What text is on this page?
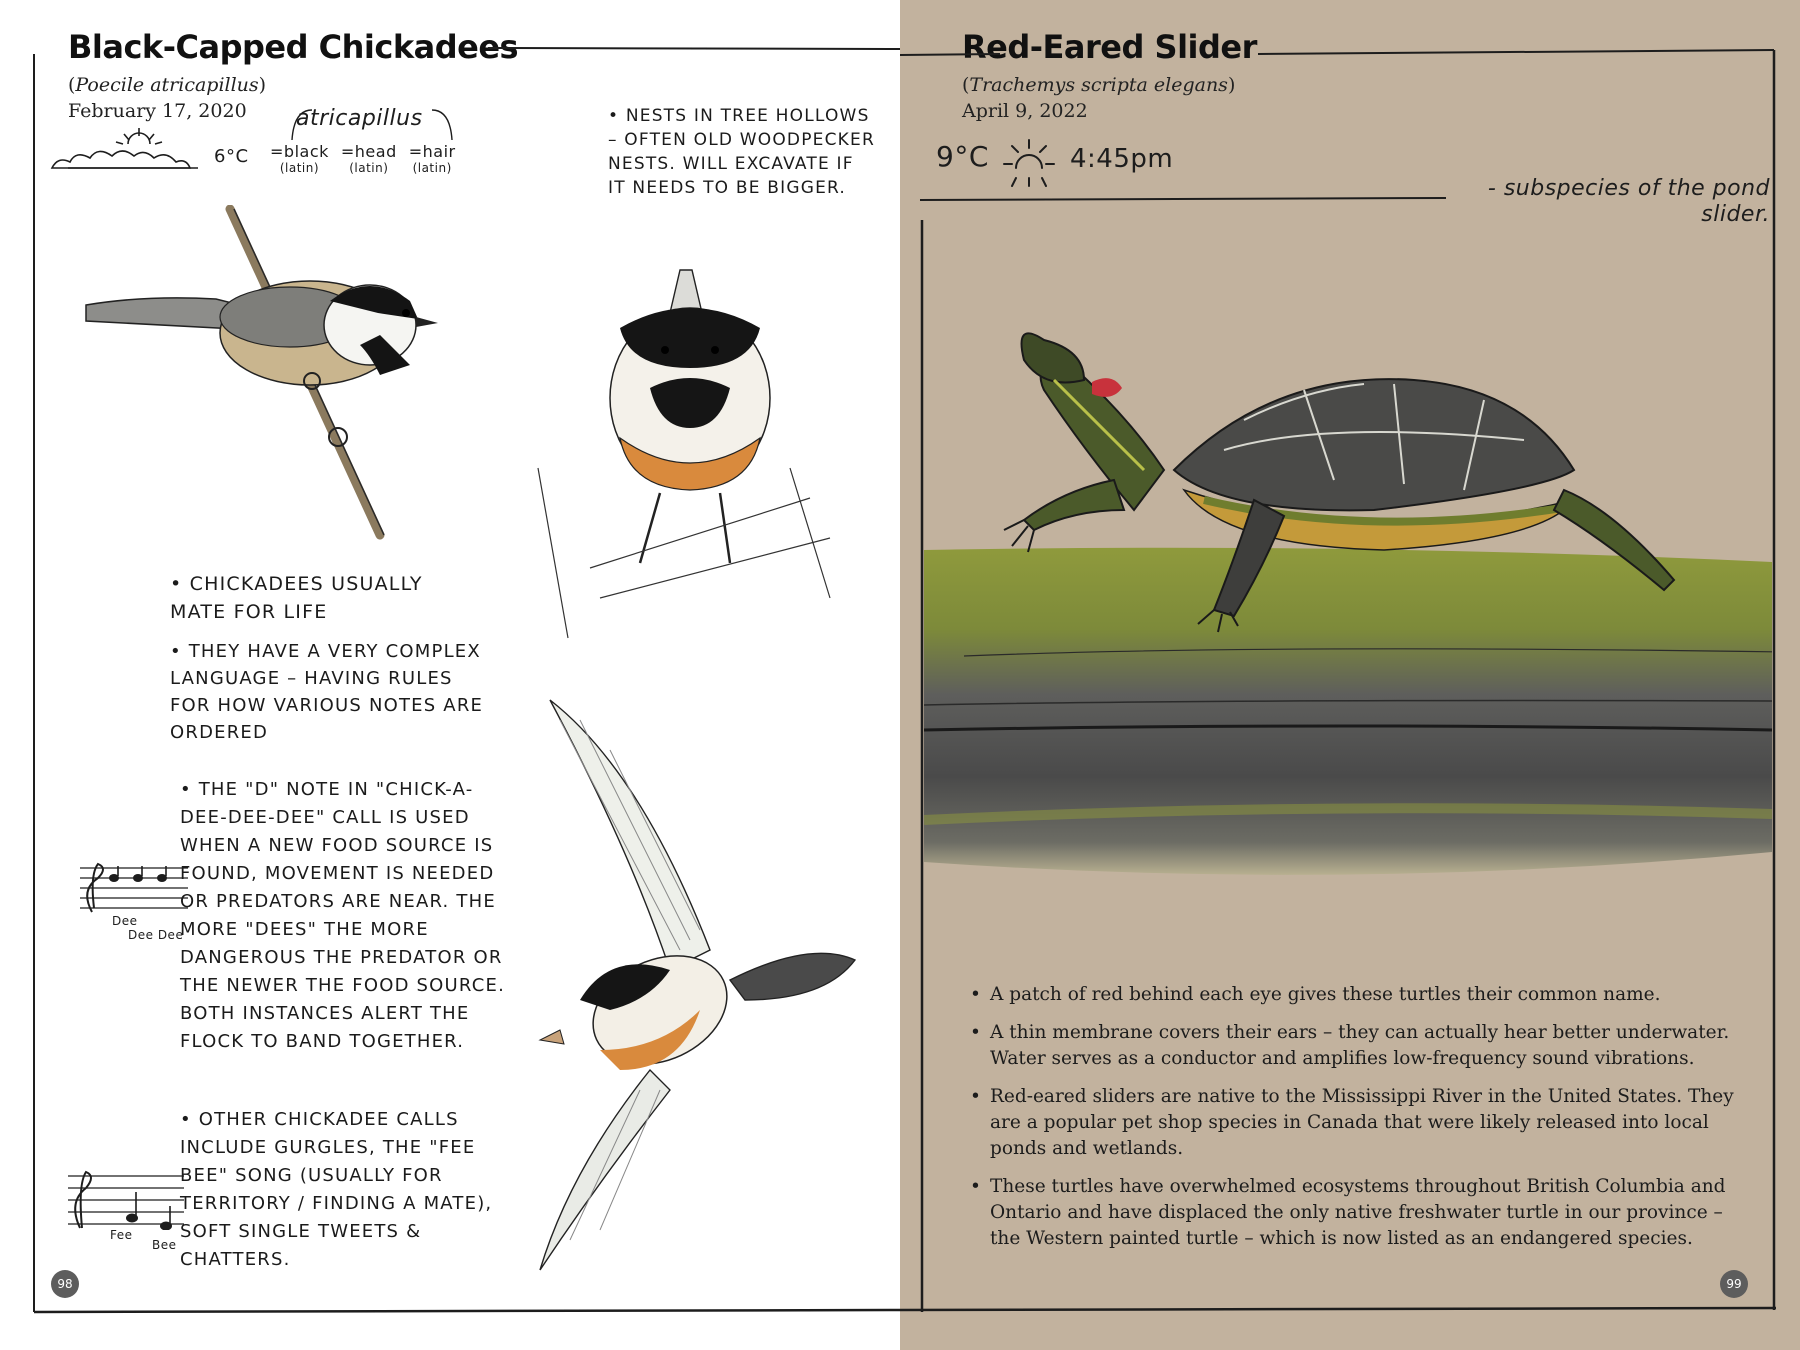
Black-Capped Chickadees
(Poecile atricapillus)
February 17, 2020
6°C
atricapillus
=black
(latin)
=head
(latin)
=hair
(latin)
• NESTS IN TREE HOLLOWS – OFTEN OLD WOODPECKER NESTS. WILL EXCAVATE IF IT NEEDS TO BE BIGGER.
• CHICKADEES USUALLY MATE FOR LIFE
• THEY HAVE A VERY COMPLEX LANGUAGE – HAVING RULES FOR HOW VARIOUS NOTES ARE ORDERED
• THE "D" NOTE IN "CHICK-A-DEE-DEE-DEE" CALL IS USED WHEN A NEW FOOD SOURCE IS FOUND, MOVEMENT IS NEEDED OR PREDATORS ARE NEAR. THE MORE "DEES" THE MORE DANGEROUS THE PREDATOR OR THE NEWER THE FOOD SOURCE. BOTH INSTANCES ALERT THE FLOCK TO BAND TOGETHER.
• OTHER CHICKADEE CALLS INCLUDE GURGLES, THE "FEE BEE" SONG (USUALLY FOR TERRITORY / FINDING A MATE), SOFT SINGLE TWEETS & CHATTERS.
Dee
Dee Dee
Fee
Bee
98
Red-Eared Slider
(Trachemys scripta elegans)
April 9, 2022
9°C	4:45pm
- subspecies of the pond slider.
• A patch of red behind each eye gives these turtles their common name.
• A thin membrane covers their ears – they can actually hear better underwater. Water serves as a conductor and amplifies low-frequency sound vibrations.
• Red-eared sliders are native to the Mississippi River in the United States. They are a popular pet shop species in Canada that were likely released into local ponds and wetlands.
• These turtles have overwhelmed ecosystems throughout British Columbia and Ontario and have displaced the only native freshwater turtle in our province – the Western painted turtle – which is now listed as an endangered species.
99
